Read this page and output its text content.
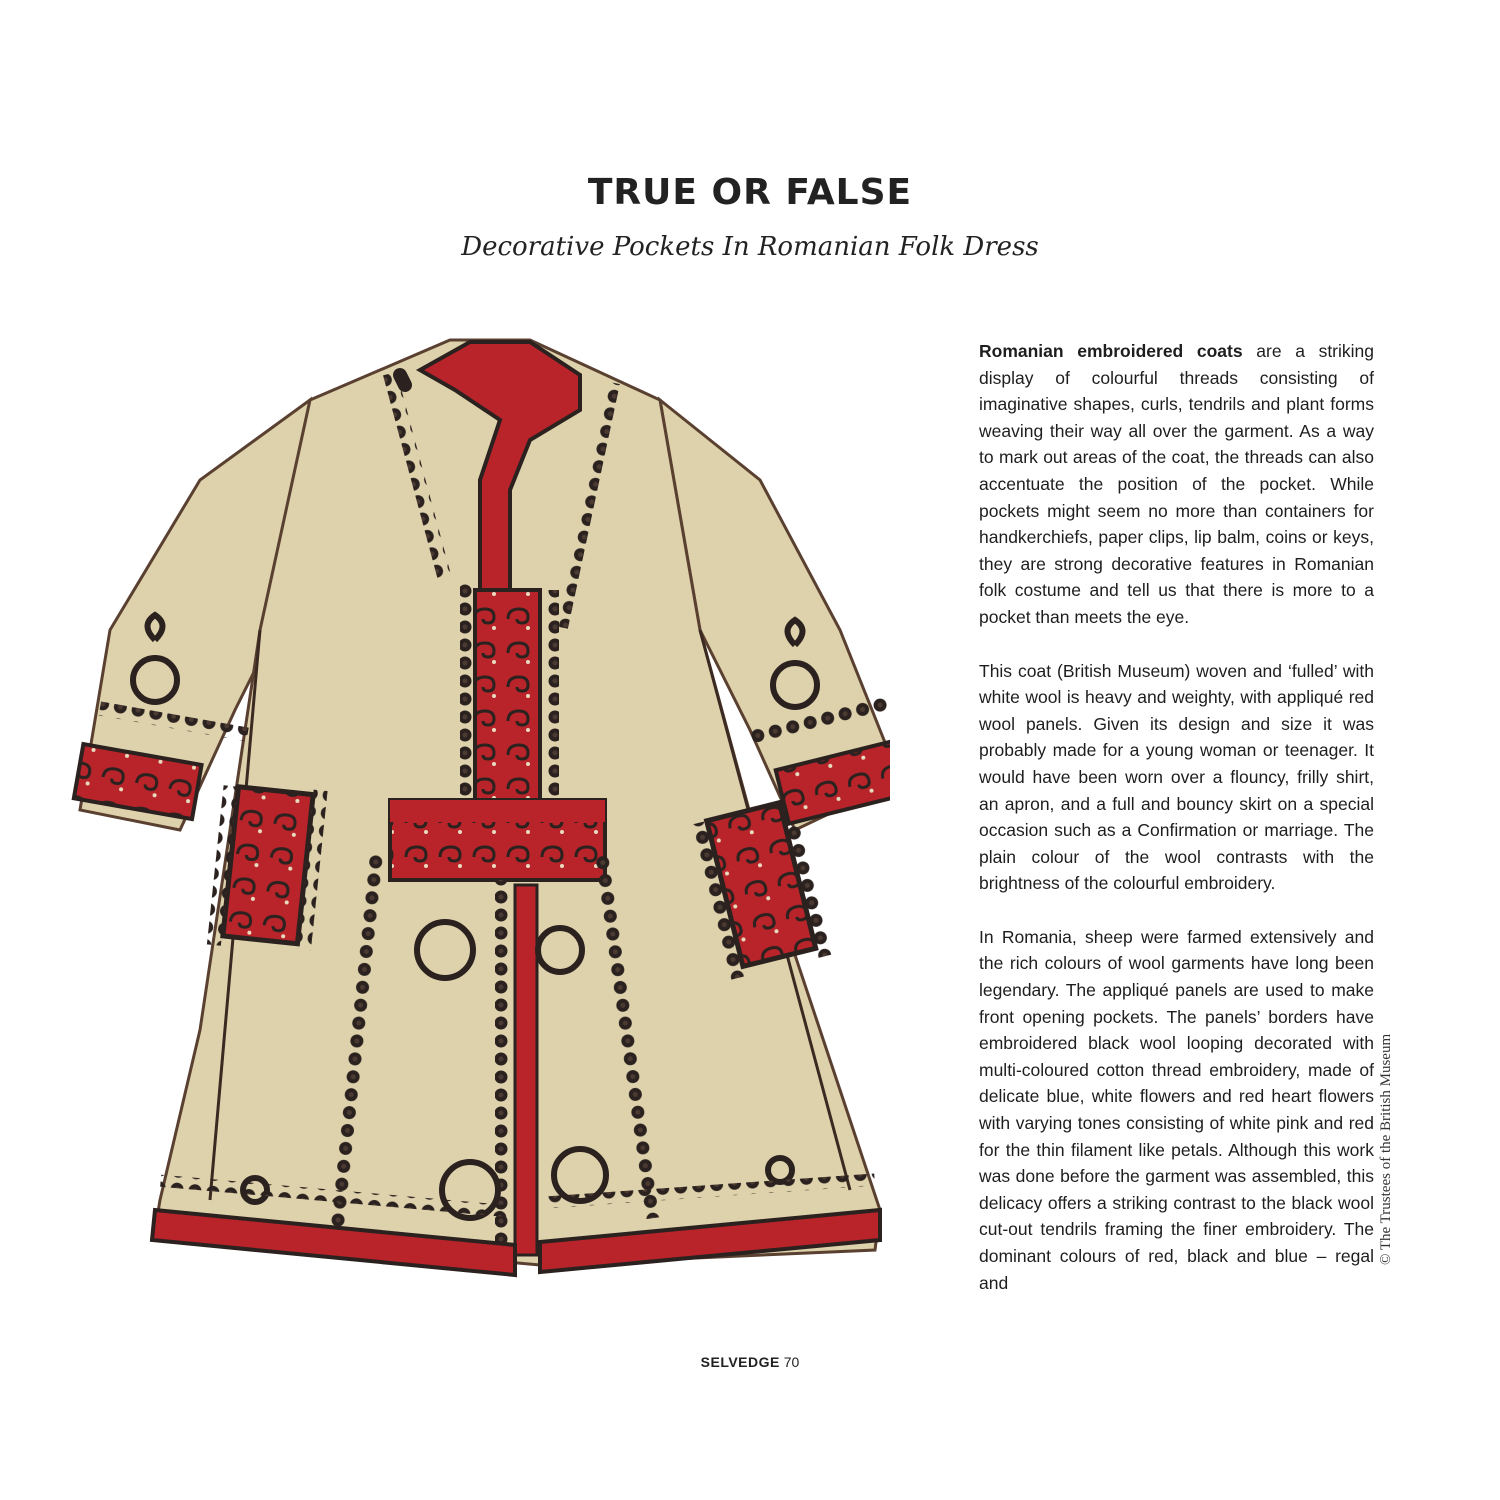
TRUE OR FALSE
Decorative Pockets In Romanian Folk Dress

Romanian embroidered coats are a striking display of colourful threads consisting of imaginative shapes, curls, tendrils and plant forms weaving their way all over the garment. As a way to mark out areas of the coat, the threads can also accentuate the position of the pocket. While pockets might seem no more than containers for handkerchiefs, paper clips, lip balm, coins or keys, they are strong decorative features in Romanian folk costume and tell us that there is more to a pocket than meets the eye.

This coat (British Museum) woven and ‘fulled’ with white wool is heavy and weighty, with appliqué red wool panels. Given its design and size it was probably made for a young woman or teenager. It would have been worn over a flouncy, frilly shirt, an apron, and a full and bouncy skirt on a special occasion such as a Confirmation or marriage. The plain colour of the wool contrasts with the brightness of the colourful embroidery.

In Romania, sheep were farmed extensively and the rich colours of wool garments have long been legendary. The appliqué panels are used to make front opening pockets. The panels’ borders have embroidered black wool looping decorated with multi-coloured cotton thread embroidery, made of delicate blue, white flowers and red heart flowers with varying tones consisting of white pink and red for the thin filament like petals. Although this work was done before the garment was assembled, this delicacy offers a striking contrast to the black wool cut-out tendrils framing the finer embroidery. The dominant colours of red, black and blue – regal and

© The Trustees of the British Museum
SELVEDGE 70
